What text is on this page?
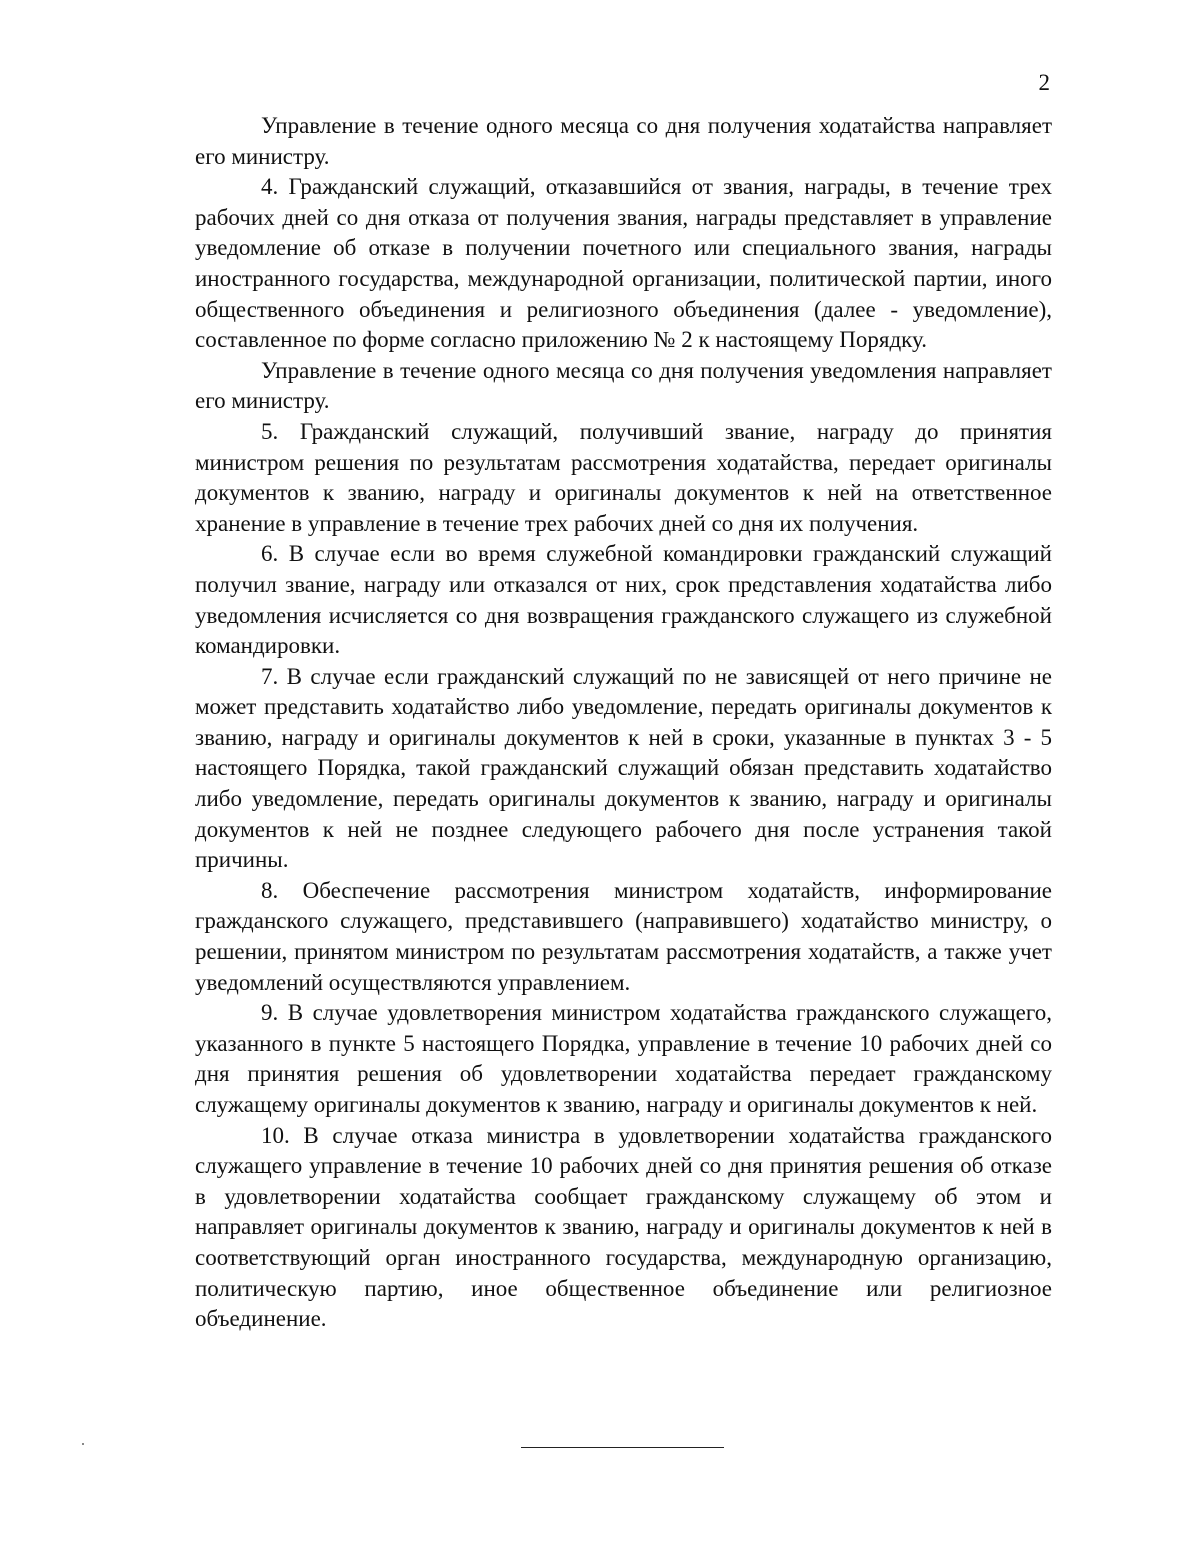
2

Управление в течение одного месяца со дня получения ходатайства направляет его министру.

4. Гражданский служащий, отказавшийся от звания, награды, в течение трех рабочих дней со дня отказа от получения звания, награды представляет в управление уведомление об отказе в получении почетного или специального звания, награды иностранного государства, международной организации, политической партии, иного общественного объединения и религиозного объединения (далее - уведомление), составленное по форме согласно приложению № 2 к настоящему Порядку.

Управление в течение одного месяца со дня получения уведомления направляет его министру.

5. Гражданский служащий, получивший звание, награду до принятия министром решения по результатам рассмотрения ходатайства, передает оригиналы документов к званию, награду и оригиналы документов к ней на ответственное хранение в управление в течение трех рабочих дней со дня их получения.

6. В случае если во время служебной командировки гражданский служащий получил звание, награду или отказался от них, срок представления ходатайства либо уведомления исчисляется со дня возвращения гражданского служащего из служебной командировки.

7. В случае если гражданский служащий по не зависящей от него причине не может представить ходатайство либо уведомление, передать оригиналы документов к званию, награду и оригиналы документов к ней в сроки, указанные в пунктах 3 - 5 настоящего Порядка, такой гражданский служащий обязан представить ходатайство либо уведомление, передать оригиналы документов к званию, награду и оригиналы документов к ней не позднее следующего рабочего дня после устранения такой причины.

8. Обеспечение рассмотрения министром ходатайств, информирование гражданского служащего, представившего (направившего) ходатайство министру, о решении, принятом министром по результатам рассмотрения ходатайств, а также учет уведомлений осуществляются управлением.

9. В случае удовлетворения министром ходатайства гражданского служащего, указанного в пункте 5 настоящего Порядка, управление в течение 10 рабочих дней со дня принятия решения об удовлетворении ходатайства передает гражданскому служащему оригиналы документов к званию, награду и оригиналы документов к ней.

10. В случае отказа министра в удовлетворении ходатайства гражданского служащего управление в течение 10 рабочих дней со дня принятия решения об отказе в удовлетворении ходатайства сообщает гражданскому служащему об этом и направляет оригиналы документов к званию, награду и оригиналы документов к ней в соответствующий орган иностранного государства, международную организацию, политическую партию, иное общественное объединение или религиозное объединение.
